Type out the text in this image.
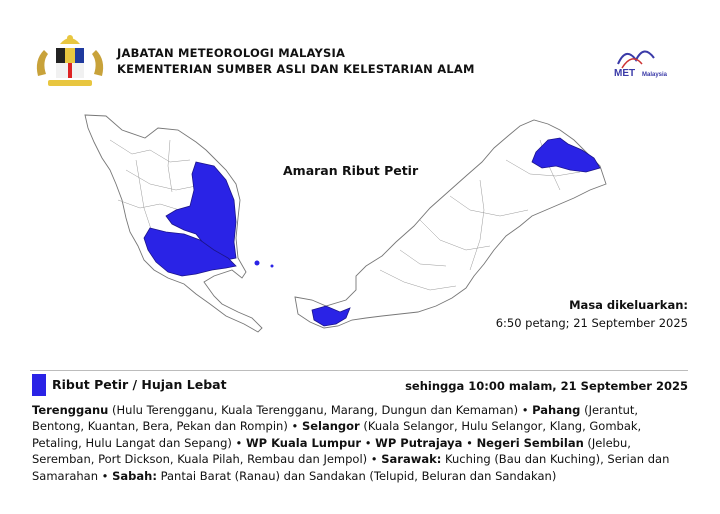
JABATAN METEOROLOGI MALAYSIA
KEMENTERIAN SUMBER ASLI DAN KELESTARIAN ALAM	MET Malaysia
Amaran Ribut Petir
Masa dikeluarkan:
6:50 petang; 21 September 2025
Ribut Petir / Hujan Lebat	sehingga 10:00 malam, 21 September 2025
Terengganu (Hulu Terengganu, Kuala Terengganu, Marang, Dungun dan Kemaman) • Pahang (Jerantut, Bentong, Kuantan, Bera, Pekan dan Rompin) • Selangor (Kuala Selangor, Hulu Selangor, Klang, Gombak, Petaling, Hulu Langat dan Sepang) • WP Kuala Lumpur • WP Putrajaya • Negeri Sembilan (Jelebu, Seremban, Port Dickson, Kuala Pilah, Rembau dan Jempol) • Sarawak: Kuching (Bau dan Kuching), Serian dan Samarahan • Sabah: Pantai Barat (Ranau) dan Sandakan (Telupid, Beluran dan Sandakan)
